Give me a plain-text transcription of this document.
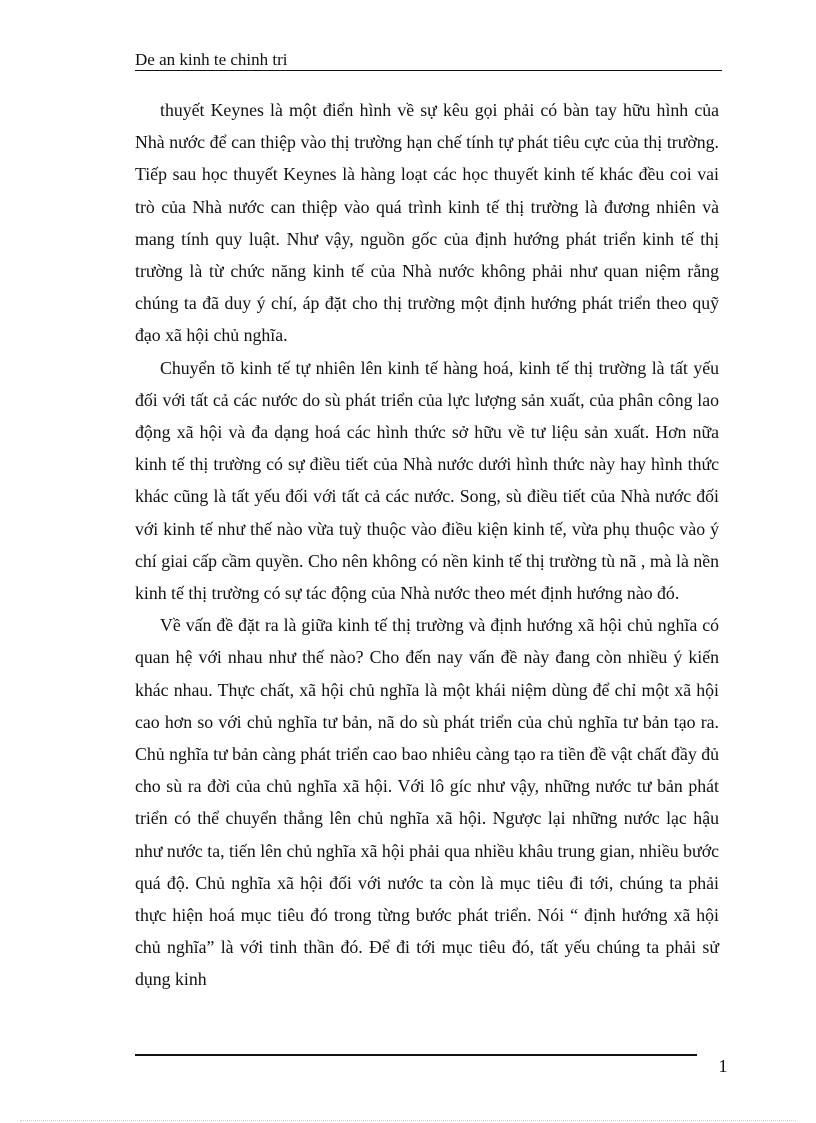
De an kinh te chinh tri

thuyết Keynes là một điển hình về sự kêu gọi phải có bàn tay hữu hình của Nhà nước để can thiệp vào thị trường hạn chế tính tự phát tiêu cực của thị trường. Tiếp sau học thuyết Keynes là hàng loạt các học thuyết kinh tế khác đều coi vai trò của Nhà nước can thiệp vào quá trình kinh tế thị trường là đương nhiên và mang tính quy luật. Như vậy, nguồn gốc của định hướng phát triển kinh tế thị trường là từ chức năng kinh tế của Nhà nước không phải như quan niệm rằng chúng ta đã duy ý chí, áp đặt cho thị trường một định hướng phát triển theo quỹ đạo xã hội chủ nghĩa.

Chuyển tõ kinh tế tự nhiên lên kinh tế hàng hoá, kinh tế thị trường là tất yếu đối với tất cả các nước do sù phát triển của lực lượng sản xuất, của phân công lao động xã hội và đa dạng hoá các hình thức sở hữu về tư liệu sản xuất. Hơn nữa kinh tế thị trường có sự điều tiết của Nhà nước dưới hình thức này hay hình thức khác cũng là tất yếu đối với tất cả các nước. Song, sù điều tiết của Nhà nước đối với kinh tế như thế nào vừa tuỳ thuộc vào điều kiện kinh tế, vừa phụ thuộc vào ý chí giai cấp cầm quyền. Cho nên không có nền kinh tế thị trường tù nã , mà là nền kinh tế thị trường có sự tác động của Nhà nước theo mét định hướng nào đó.

Về vấn đề đặt ra là giữa kinh tế thị trường và định hướng xã hội chủ nghĩa có quan hệ với nhau như thế nào? Cho đến nay vấn đề này đang còn nhiều ý kiến khác nhau. Thực chất, xã hội chủ nghĩa là một khái niệm dùng để chỉ một xã hội cao hơn so với chủ nghĩa tư bản, nã do sù phát triển của chủ nghĩa tư bản tạo ra. Chủ nghĩa tư bản càng phát triển cao bao nhiêu càng tạo ra tiền đề vật chất đầy đủ cho sù ra đời của chủ nghĩa xã hội. Với lô gíc như vậy, những nước tư bản phát triển có thể chuyển thẳng lên chủ nghĩa xã hội. Ngược lại những nước lạc hậu như nước ta, tiến lên chủ nghĩa xã hội phải qua nhiều khâu trung gian, nhiều bước quá độ. Chủ nghĩa xã hội đối với nước ta còn là mục tiêu đi tới, chúng ta phải thực hiện hoá mục tiêu đó trong từng bước phát triển. Nói “ định hướng xã hội chủ nghĩa” là với tinh thần đó. Để đi tới mục tiêu đó, tất yếu chúng ta phải sử dụng kinh

1
